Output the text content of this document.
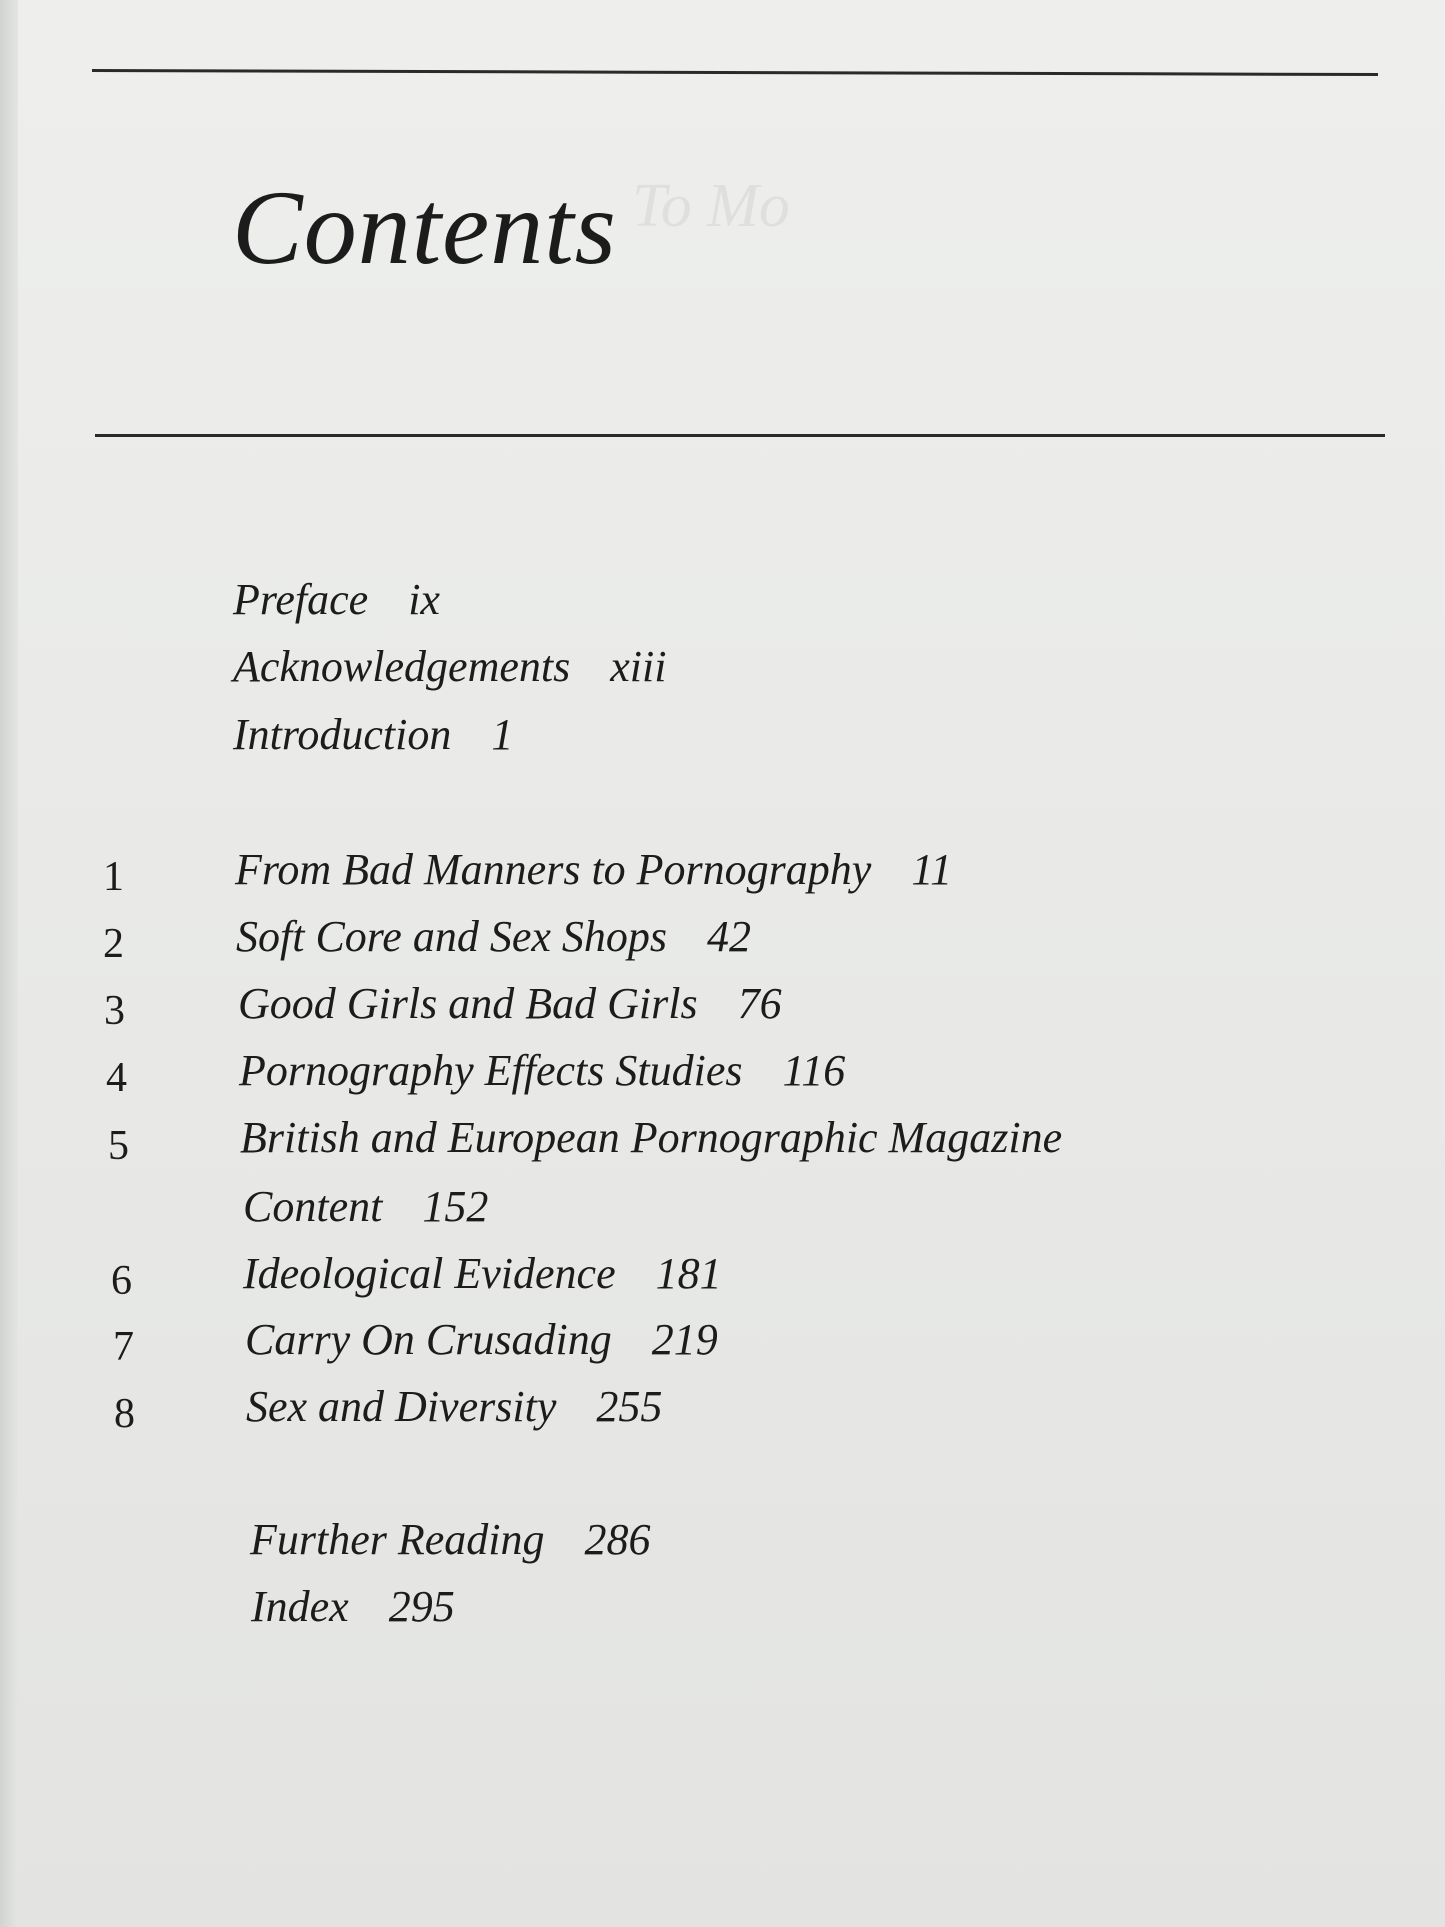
To Mo
Contents
Preface ix
Acknowledgements xiii
Introduction 1
1	From Bad Manners to Pornography 11
2	Soft Core and Sex Shops 42
3	Good Girls and Bad Girls 76
4	Pornography Effects Studies 116
5	British and European Pornographic Magazine
Content 152
6	Ideological Evidence 181
7	Carry On Crusading 219
8	Sex and Diversity 255
Further Reading 286
Index 295
